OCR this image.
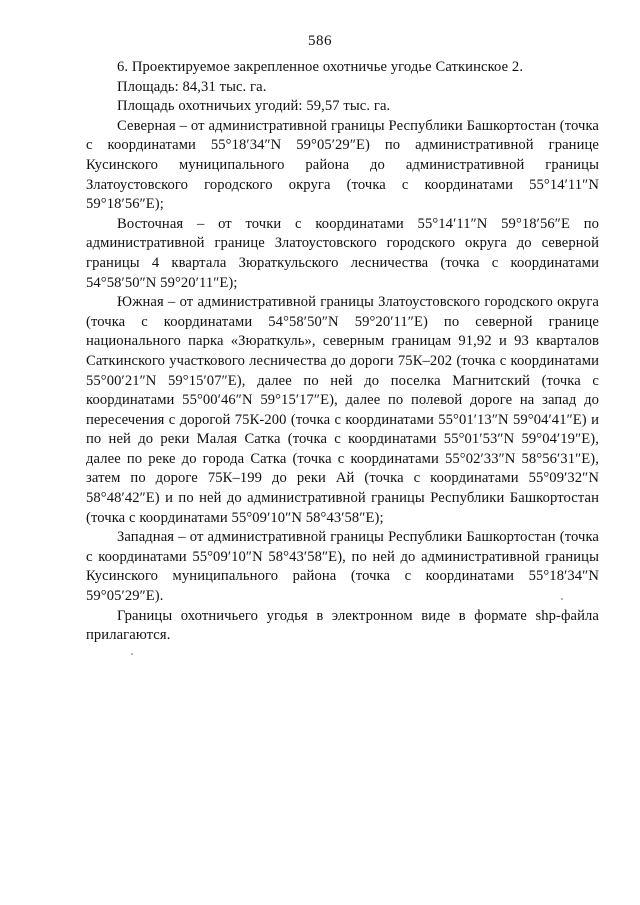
586

6. Проектируемое закрепленное охотничье угодье Саткинское 2.

Площадь: 84,31 тыс. га.

Площадь охотничьих угодий: 59,57 тыс. га.

Северная – от административной границы Республики Башкортостан (точка с координатами 55°18′34″N 59°05′29″E) по административной границе Кусинского муниципального района до административной границы Златоустовского городского округа (точка с координатами 55°14′11″N 59°18′56″E);

Восточная – от точки с координатами 55°14′11″N 59°18′56″E по административной границе Златоустовского городского округа до северной границы 4 квартала Зюраткульского лесничества (точка с координатами 54°58′50″N 59°20′11″E);

Южная – от административной границы Златоустовского городского округа (точка с координатами 54°58′50″N 59°20′11″E) по северной границе национального парка «Зюраткуль», северным границам 91,92 и 93 кварталов Саткинского участкового лесничества до дороги 75К–202 (точка с координатами 55°00′21″N 59°15′07″E), далее по ней до поселка Магнитский (точка с координатами 55°00′46″N 59°15′17″E), далее по полевой дороге на запад до пересечения с дорогой 75К-200 (точка с координатами 55°01′13″N 59°04′41″E) и по ней до реки Малая Сатка (точка с координатами 55°01′53″N 59°04′19″E), далее по реке до города Сатка (точка с координатами 55°02′33″N 58°56′31″E), затем по дороге 75К–199 до реки Ай (точка с координатами 55°09′32″N 58°48′42″E) и по ней до административной границы Республики Башкортостан (точка с координатами 55°09′10″N 58°43′58″E);

Западная – от административной границы Республики Башкортостан (точка с координатами 55°09′10″N 58°43′58″E), по ней до административной границы Кусинского муниципального района (точка с координатами 55°18′34″N 59°05′29″E).

Границы охотничьего угодья в электронном виде в формате shp-файла прилагаются.
